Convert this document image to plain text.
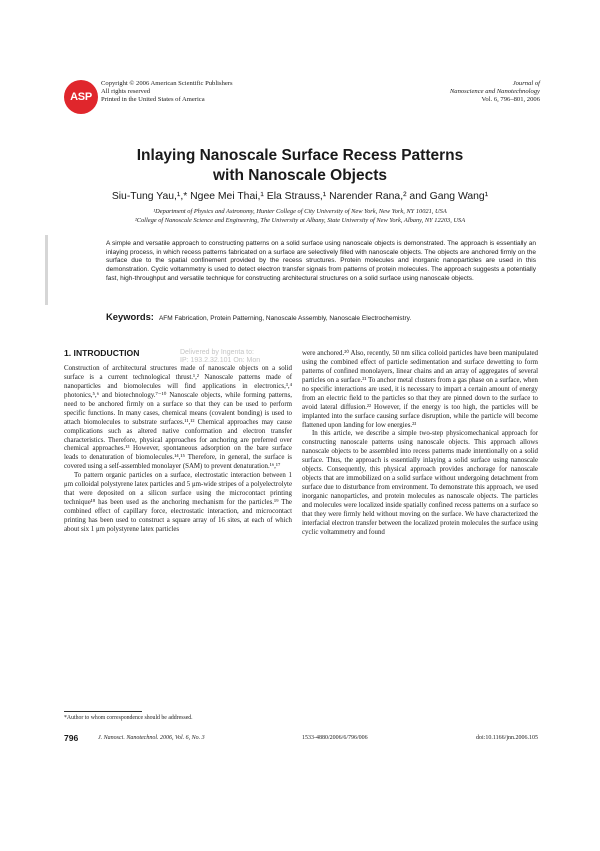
ASP
Copyright © 2006 American Scientific Publishers
All rights reserved
Printed in the United States of America
Journal of
Nanoscience and Nanotechnology
Vol. 6, 796–801, 2006
Inlaying Nanoscale Surface Recess Patterns
with Nanoscale Objects
Siu-Tung Yau,¹,* Ngee Mei Thai,¹ Ela Strauss,¹ Narender Rana,² and Gang Wang¹
¹Department of Physics and Astronomy, Hunter College of City University of New York, New York, NY 10021, USA
²College of Nanoscale Science and Engineering, The University at Albany, State University of New York, Albany, NY 12203, USA
A simple and versatile approach to constructing patterns on a solid surface using nanoscale objects is demonstrated. The approach is essentially an inlaying process, in which recess patterns fabricated on a surface are selectively filled with nanoscale objects. The objects are anchored firmly on the surface due to the spatial confinement provided by the recess structures. Protein molecules and inorganic nanoparticles are used in this demonstration. Cyclic voltammetry is used to detect electron transfer signals from patterns of protein molecules. The approach suggests a potentially fast, high-throughput and versatile technique for constructing architectural structures on a solid surface using nanoscale objects.
Keywords: AFM Fabrication, Protein Patterning, Nanoscale Assembly, Nanoscale Electrochemistry.
Delivered by Ingenta to:
IP: 193.2.32.101 On: Mon
1. INTRODUCTION

Construction of architectural structures made of nanoscale objects on a solid surface is a current technological thrust.¹,² Nanoscale patterns made of nanoparticles and biomolecules will find applications in electronics,³,⁴ photonics,⁵,⁶ and biotechnology.⁷⁻¹⁰ Nanoscale objects, while forming patterns, need to be anchored firmly on a surface so that they can be used to perform specific functions. In many cases, chemical means (covalent bonding) is used to attach biomolecules to substrate surfaces.¹¹,¹² Chemical approaches may cause complications such as altered native conformation and electron transfer characteristics. Therefore, physical approaches for anchoring are preferred over chemical approaches.¹³ However, spontaneous adsorption on the bare surface leads to denaturation of biomolecules.¹⁴,¹⁵ Therefore, in general, the surface is covered using a self-assembled monolayer (SAM) to prevent denaturation.¹⁶,¹⁷

To pattern organic particles on a surface, electrostatic interaction between 1 μm colloidal polystyrene latex particles and 5 μm-wide stripes of a polyelectrolyte that were deposited on a silicon surface using the microcontact printing technique¹⁸ has been used as the anchoring mechanism for the particles.¹⁹ The combined effect of capillary force, electrostatic interaction, and microcontact printing has been used to construct a square array of 16 sites, at each of which about six 1 μm polystyrene latex particles

were anchored.²⁰ Also, recently, 50 nm silica colloid particles have been manipulated using the combined effect of particle sedimentation and surface dewetting to form patterns of confined monolayers, linear chains and an array of aggregates of several particles on a surface.²¹ To anchor metal clusters from a gas phase on a surface, when no specific interactions are used, it is necessary to impart a certain amount of energy from an electric field to the particles so that they are pinned down to the surface to avoid lateral diffusion.²² However, if the energy is too high, the particles will be implanted into the surface causing surface disruption, while the particle will become flattened upon landing for low energies.²³

In this article, we describe a simple two-step physicomechanical approach for constructing nanoscale patterns using nanoscale objects. This approach allows nanoscale objects to be assembled into recess patterns made intentionally on a solid surface. Thus, the approach is essentially inlaying a solid surface using nanoscale objects. Consequently, this physical approach provides anchorage for nanoscale objects that are immobilized on a solid surface without undergoing detachment from surface due to disturbance from environment. To demonstrate this approach, we used inorganic nanoparticles, and protein molecules as nanoscale objects. The particles and molecules were localized inside spatially confined recess patterns on a surface so that they were firmly held without moving on the surface. We have characterized the interfacial electron transfer between the localized protein molecules the surface using cyclic voltammetry and found

*Author to whom correspondence should be addressed.
796	J. Nanosci. Nanotechnol. 2006, Vol. 6, No. 3	1533-4880/2006/6/796/006	doi:10.1166/jnn.2006.105
